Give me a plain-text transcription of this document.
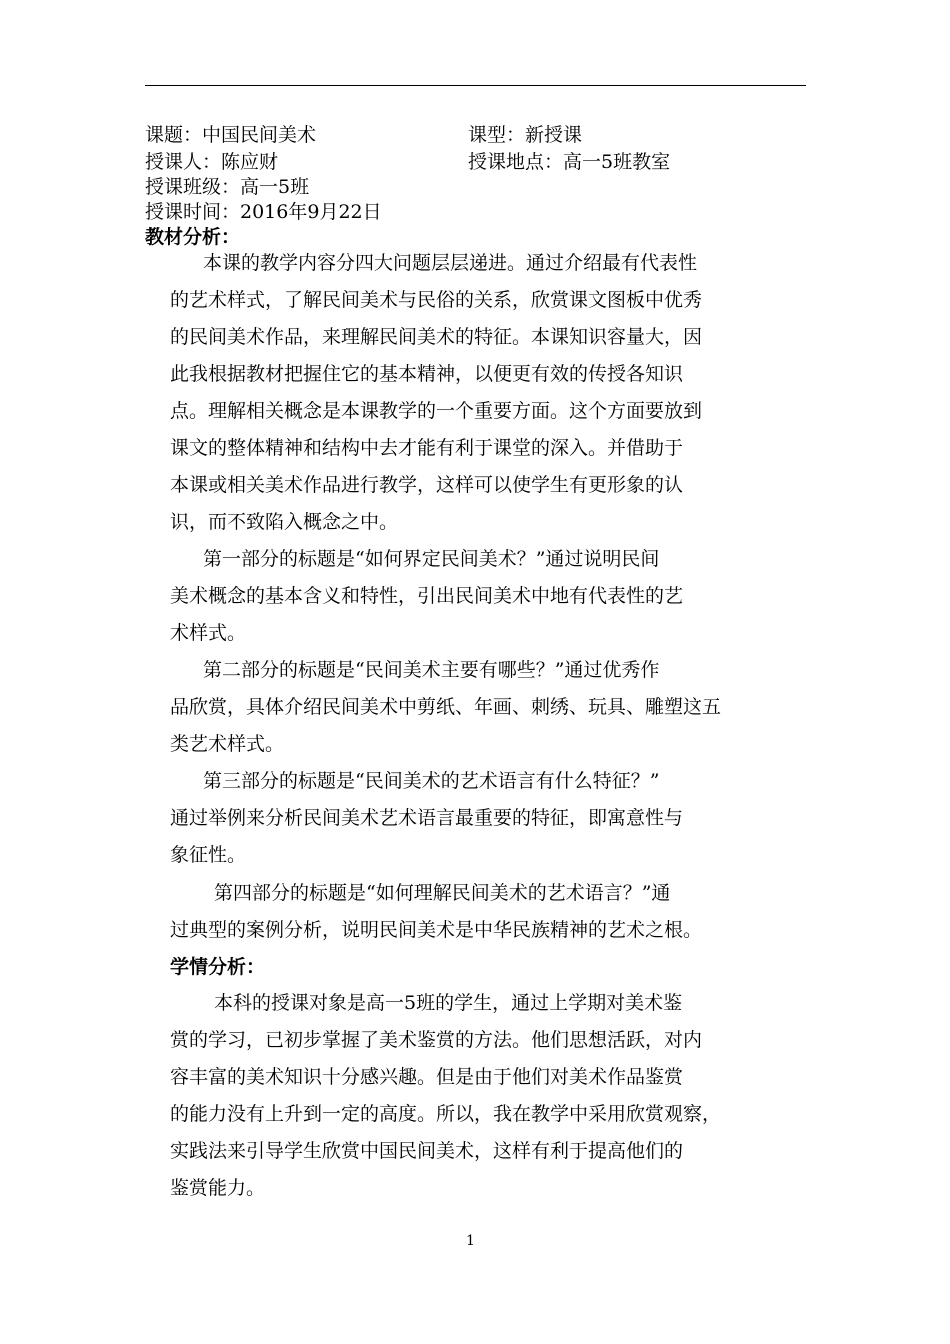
课题：中国民间美术	课型：新授课
授课人：陈应财	授课地点：高一5班教室
授课班级：高一5班
授课时间：2016年9月22日
教材分析：
本课的教学内容分四大问题层层递进。通过介绍最有代表性
的艺术样式，了解民间美术与民俗的关系，欣赏课文图板中优秀
的民间美术作品，来理解民间美术的特征。本课知识容量大，因
此我根据教材把握住它的基本精神，以便更有效的传授各知识
点。理解相关概念是本课教学的一个重要方面。这个方面要放到
课文的整体精神和结构中去才能有利于课堂的深入。并借助于
本课或相关美术作品进行教学，这样可以使学生有更形象的认
识，而不致陷入概念之中。
第一部分的标题是“如何界定民间美术？”通过说明民间
美术概念的基本含义和特性，引出民间美术中地有代表性的艺
术样式。
第二部分的标题是“民间美术主要有哪些？”通过优秀作
品欣赏，具体介绍民间美术中剪纸、年画、刺绣、玩具、雕塑这五
类艺术样式。
第三部分的标题是“民间美术的艺术语言有什么特征？”
通过举例来分析民间美术艺术语言最重要的特征，即寓意性与
象征性。
第四部分的标题是“如何理解民间美术的艺术语言？”通
过典型的案例分析，说明民间美术是中华民族精神的艺术之根。
学情分析：
本科的授课对象是高一5班的学生，通过上学期对美术鉴
赏的学习，已初步掌握了美术鉴赏的方法。他们思想活跃，对内
容丰富的美术知识十分感兴趣。但是由于他们对美术作品鉴赏
的能力没有上升到一定的高度。所以，我在教学中采用欣赏观察，
实践法来引导学生欣赏中国民间美术，这样有利于提高他们的
鉴赏能力。
1
